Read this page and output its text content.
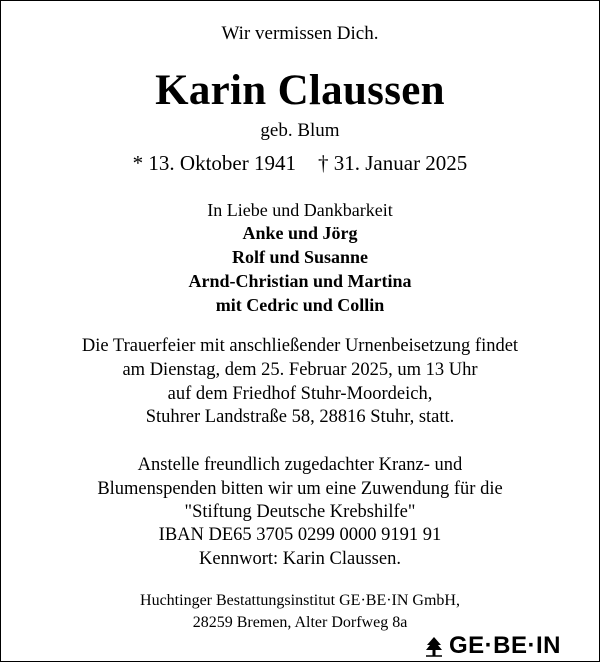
Wir vermissen Dich.
Karin Claussen
geb. Blum
* 13. Oktober 1941 † 31. Januar 2025
In Liebe und Dankbarkeit
Anke und Jörg
Rolf und Susanne
Arnd-Christian und Martina
mit Cedric und Collin
Die Trauerfeier mit anschließender Urnenbeisetzung findet
am Dienstag, dem 25. Februar 2025, um 13 Uhr
auf dem Friedhof Stuhr-Moordeich,
Stuhrer Landstraße 58, 28816 Stuhr, statt.
Anstelle freundlich zugedachter Kranz- und
Blumenspenden bitten wir um eine Zuwendung für die
"Stiftung Deutsche Krebshilfe"
IBAN DE65 3705 0299 0000 9191 91
Kennwort: Karin Claussen.
Huchtinger Bestattungsinstitut GE·BE·IN GmbH,
28259 Bremen, Alter Dorfweg 8a
GE·BE·IN
